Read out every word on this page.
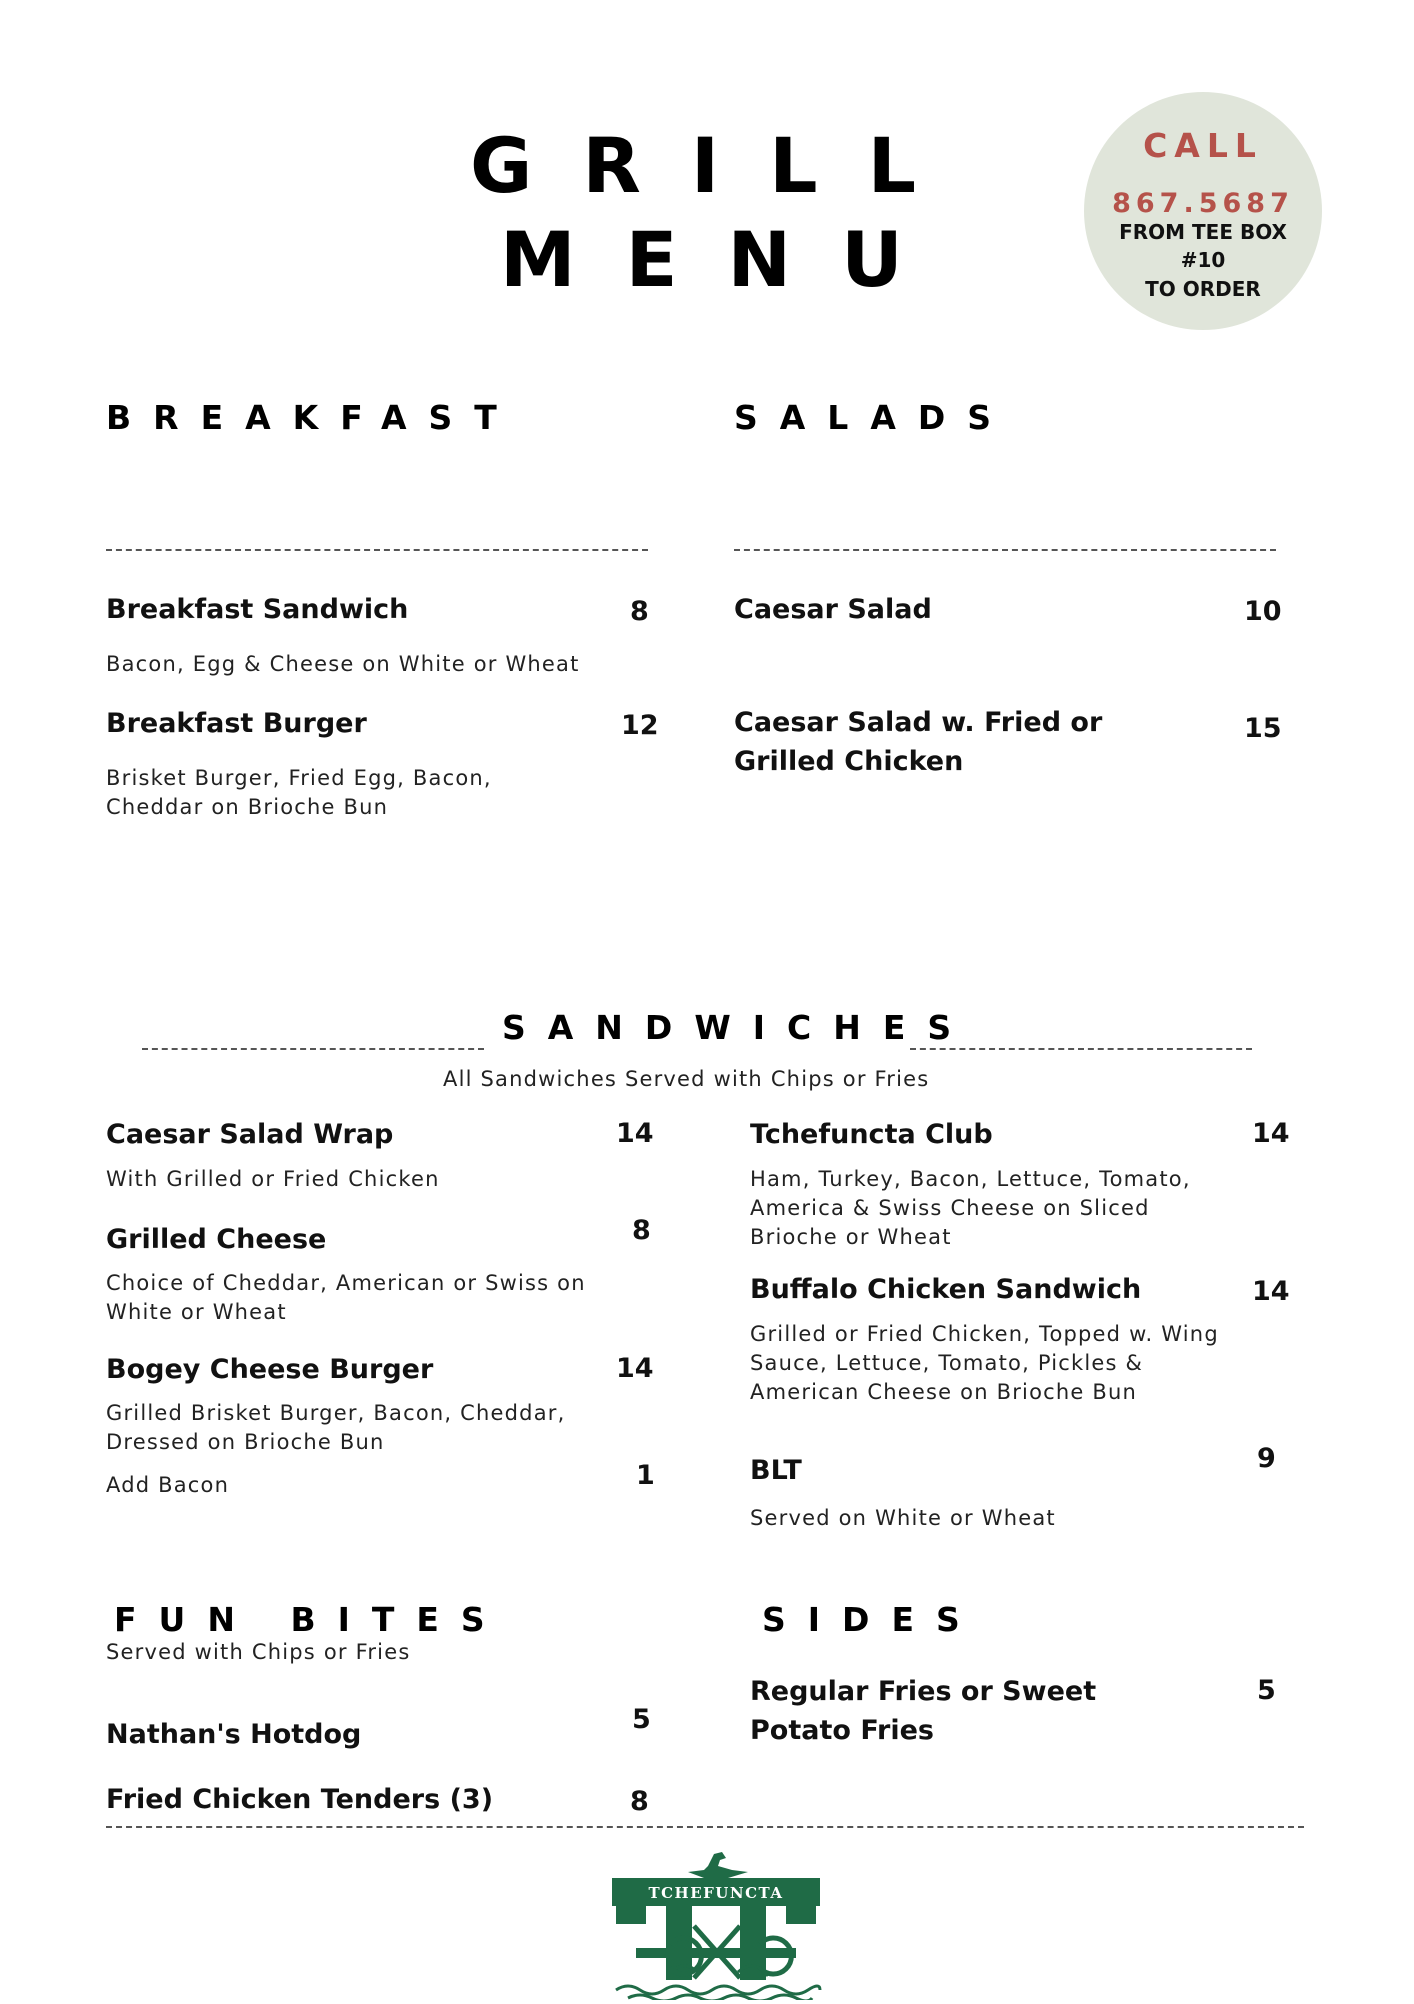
GRILL
MENU
CALL
867.5687
FROM TEE BOX
#10
TO ORDER
BREAKFAST
Breakfast Sandwich	8
Bacon, Egg & Cheese on White or Wheat
Breakfast Burger	12
Brisket Burger, Fried Egg, Bacon, Cheddar on Brioche Bun
SALADS
Caesar Salad	10
Caesar Salad w. Fried or Grilled Chicken
15
SANDWICHES
All Sandwiches Served with Chips or Fries
Caesar Salad Wrap	14
With Grilled or Fried Chicken
Grilled Cheese	8
Choice of Cheddar, American or Swiss on White or Wheat
Bogey Cheese Burger	14
Grilled Brisket Burger, Bacon, Cheddar, Dressed on Brioche Bun
Add Bacon	1
Tchefuncta Club	14
Ham, Turkey, Bacon, Lettuce, Tomato, America & Swiss Cheese on Sliced Brioche or Wheat
Buffalo Chicken Sandwich	14
Grilled or Fried Chicken, Topped w. Wing Sauce, Lettuce, Tomato, Pickles & American Cheese on Brioche Bun
BLT	9
Served on White or Wheat
FUN BITES
Served with Chips or Fries
Nathan's Hotdog	5
Fried Chicken Tenders (3)	8
SIDES
Regular Fries or Sweet Potato Fries
5
TCHEFUNCTA
